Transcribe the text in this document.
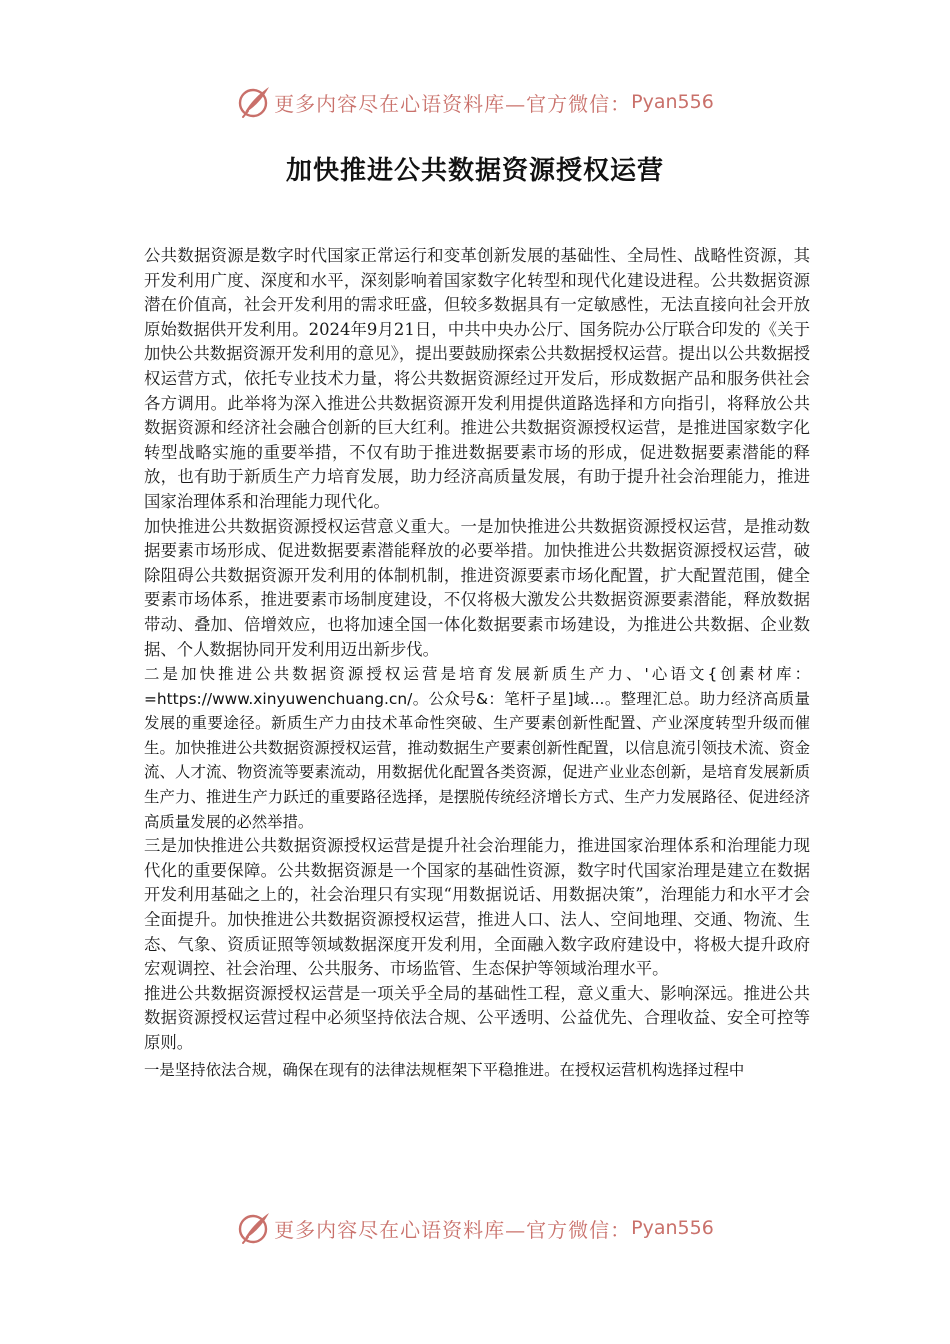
更多内容尽在心语资料库—官方微信： Pyan556
加快推进公共数据资源授权运营

公共数据资源是数字时代国家正常运行和变革创新发展的基础性、全局性、战略性资源，其开发利用广度、深度和水平，深刻影响着国家数字化转型和现代化建设进程。公共数据资源潜在价值高，社会开发利用的需求旺盛，但较多数据具有一定敏感性，无法直接向社会开放原始数据供开发利用。2024年9月21日，中共中央办公厅、国务院办公厅联合印发的《关于加快公共数据资源开发利用的意见》，提出要鼓励探索公共数据授权运营。提出以公共数据授权运营方式，依托专业技术力量，将公共数据资源经过开发后，形成数据产品和服务供社会各方调用。此举将为深入推进公共数据资源开发利用提供道路选择和方向指引，将释放公共数据资源和经济社会融合创新的巨大红利。推进公共数据资源授权运营，是推进国家数字化转型战略实施的重要举措，不仅有助于推进数据要素市场的形成，促进数据要素潜能的释放，也有助于新质生产力培育发展，助力经济高质量发展，有助于提升社会治理能力，推进国家治理体系和治理能力现代化。

加快推进公共数据资源授权运营意义重大。一是加快推进公共数据资源授权运营，是推动数据要素市场形成、促进数据要素潜能释放的必要举措。加快推进公共数据资源授权运营，破除阻碍公共数据资源开发利用的体制机制，推进资源要素市场化配置，扩大配置范围，健全要素市场体系，推进要素市场制度建设，不仅将极大激发公共数据资源要素潜能，释放数据带动、叠加、倍增效应，也将加速全国一体化数据要素市场建设，为推进公共数据、企业数据、个人数据协同开发利用迈出新步伐。

二是加快推进公共数据资源授权运营是培育发展新质生产力、'心语文{创素材库：=https://www.xinyuwenchuang.cn/。公众号&：笔杆子星]域...。整理汇总。助力经济高质量发展的重要途径。新质生产力由技术革命性突破、生产要素创新性配置、产业深度转型升级而催生。加快推进公共数据资源授权运营，推动数据生产要素创新性配置，以信息流引领技术流、资金流、人才流、物资流等要素流动，用数据优化配置各类资源，促进产业业态创新，是培育发展新质生产力、推进生产力跃迁的重要路径选择，是摆脱传统经济增长方式、生产力发展路径、促进经济高质量发展的必然举措。

三是加快推进公共数据资源授权运营是提升社会治理能力，推进国家治理体系和治理能力现代化的重要保障。公共数据资源是一个国家的基础性资源，数字时代国家治理是建立在数据开发利用基础之上的，社会治理只有实现“用数据说话、用数据决策”，治理能力和水平才会全面提升。加快推进公共数据资源授权运营，推进人口、法人、空间地理、交通、物流、生态、气象、资质证照等领域数据深度开发利用，全面融入数字政府建设中，将极大提升政府宏观调控、社会治理、公共服务、市场监管、生态保护等领域治理水平。

推进公共数据资源授权运营是一项关乎全局的基础性工程，意义重大、影响深远。推进公共数据资源授权运营过程中必须坚持依法合规、公平透明、公益优先、合理收益、安全可控等原则。

一是坚持依法合规，确保在现有的法律法规框架下平稳推进。在授权运营机构选择过程中

更多内容尽在心语资料库—官方微信： Pyan556
